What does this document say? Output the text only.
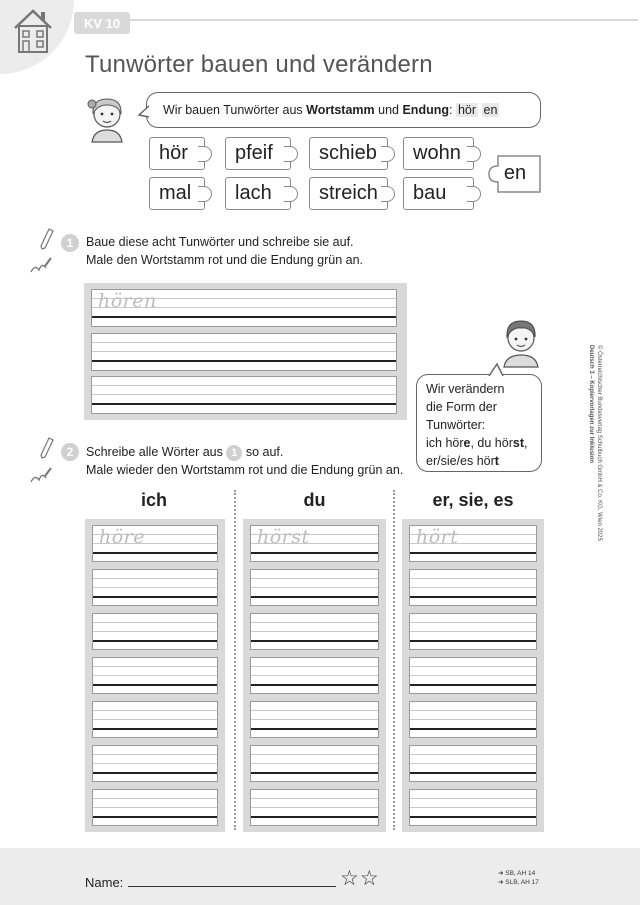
KV 10
Tunwörter bauen und verändern
Wir bauen Tunwörter aus Wortstamm und Endung: hör en
hör	pfeif	schieb	wohn
mal	lach	streich	bau
en
1	Baue diese acht Tunwörter und schreibe sie auf.
Male den Wortstamm rot und die Endung grün an.
hören
Wir verändern
die Form der
Tunwörter:
ich höre, du hörst,
er/sie/es hört
2	Schreibe alle Wörter aus 1 so auf.
Male wieder den Wortstamm rot und die Endung grün an.
ich	du	er, sie, es
höre	hörst	hört	© Österreichischer Bundesverlag Schulbuch GmbH & Co. KG, Wien 2025
Deutsch 3 – Kopiervorlagen zur Inklusion
Name:	☆☆	➜ SB, AH 14
➜ SLB, AH 17
